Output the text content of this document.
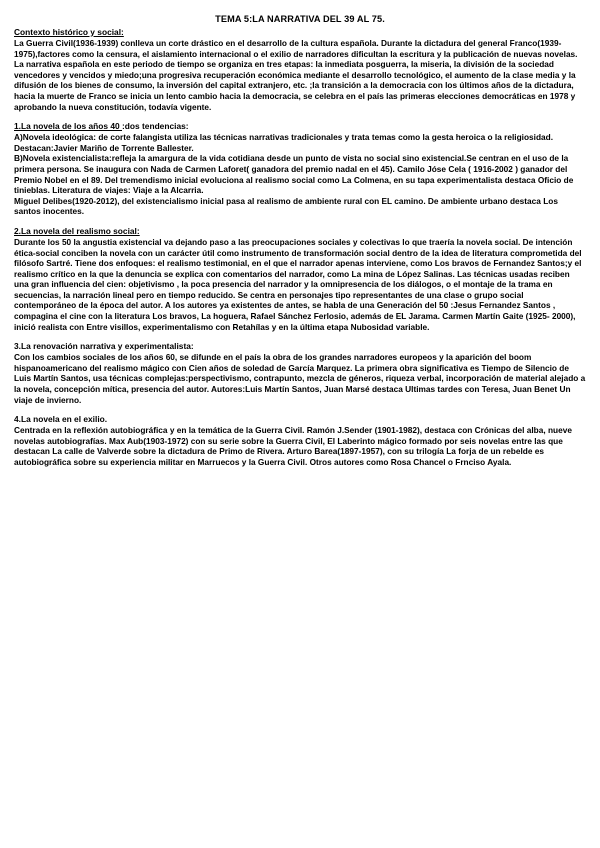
TEMA 5:LA NARRATIVA DEL 39 AL 75.
Contexto histórico y social:

La Guerra Civil(1936-1939) conlleva un corte drástico en el desarrollo de la cultura española. Durante la dictadura del general Franco(1939-1975),factores como la censura, el aislamiento internacional o el exilio de narradores dificultan la escritura y la publicación de nuevas novelas. La narrativa española en este periodo de tiempo se organiza en tres etapas: la inmediata posguerra, la miseria, la división de la sociedad vencedores y vencidos y miedo;una progresiva recuperación económica mediante el desarrollo tecnológico, el aumento de la clase media y la difusión de los bienes de consumo, la inversión del capital extranjero, etc. ;la transición a la democracia con los últimos años de la dictadura, hacia la muerte de Franco se inicia un lento cambio hacia la democracia, se celebra en el país las primeras elecciones democráticas en 1978 y aprobando la nueva constitución, todavía vigente.

1.La novela de los años 40 :dos tendencias:

A)Novela ideológica: de corte falangista utiliza las técnicas narrativas tradicionales y trata temas como la gesta heroica o la religiosidad. Destacan:Javier Mariño de Torrente Ballester.

B)Novela existencialista:refleja la amargura de la vida cotidiana desde un punto de vista no social sino existencial.Se centran en el uso de la primera persona. Se inaugura con Nada de Carmen Laforet( ganadora del premio nadal en el 45). Camilo Jóse Cela ( 1916-2002 ) ganador del Premio Nobel en el 89. Del tremendismo inicial evoluciona al realismo social como La Colmena, en su tapa experimentalista destaca Oficio de tinieblas. Literatura de viajes: Viaje a la Alcarria.

Miguel Delibes(1920-2012), del existencialismo inicial pasa al realismo de ambiente rural con EL camino. De ambiente urbano destaca Los santos inocentes.

2.La novela del realismo social:

Durante los 50 la angustia existencial va dejando paso a las preocupaciones sociales y colectivas lo que traería la novela social. De intención ética-social conciben la novela con un carácter útil como instrumento de transformación social dentro de la idea de literatura comprometida del filósofo Sartré. Tiene dos enfoques: el realismo testimonial, en el que el narrador apenas interviene, como Los bravos de Fernandez Santos;y el realismo crítico en la que la denuncia se explica con comentarios del narrador, como La mina de López Salinas. Las técnicas usadas reciben una gran influencia del cien: objetivismo , la poca presencia del narrador y la omnipresencia de los diálogos, o el montaje de la trama en secuencias, la narración lineal pero en tiempo reducido. Se centra en personajes tipo representantes de una clase o grupo social contemporáneo de la época del autor. A los autores ya existentes de antes, se habla de una Generación del 50 :Jesus Fernandez Santos , compagina el cine con la literatura Los bravos, La hoguera, Rafael Sánchez Ferlosio, además de EL Jarama. Carmen Martín Gaite (1925- 2000), inició realista con Entre visillos, experimentalismo con Retahílas y en la última etapa Nubosidad variable.

3.La renovación narrativa y experimentalista:

Con los cambios sociales de los años 60, se difunde en el país la obra de los grandes narradores europeos y la aparición del boom hispanoamericano del realismo mágico con Cien años de soledad de García Marquez. La primera obra significativa es Tiempo de Silencio de Luis Martín Santos, usa técnicas complejas:perspectivismo, contrapunto, mezcla de géneros, riqueza verbal, incorporación de material alejado a la novela, concepción mítica, presencia del autor. Autores:Luis Martín Santos, Juan Marsé destaca Ultimas tardes con Teresa, Juan Benet Un viaje de invierno.

4.La novela en el exilio.

Centrada en la reflexión autobiográfica y en la temática de la Guerra Civil. Ramón J.Sender (1901-1982), destaca con Crónicas del alba, nueve novelas autobiografías. Max Aub(1903-1972) con su serie sobre la Guerra Civil, El Laberinto mágico formado por seis novelas entre las que destacan La calle de Valverde sobre la dictadura de Primo de Rivera. Arturo Barea(1897-1957), con su trilogía La forja de un rebelde es autobiográfica sobre su experiencia militar en Marruecos y la Guerra Civil. Otros autores como Rosa Chancel o Frnciso Ayala.
